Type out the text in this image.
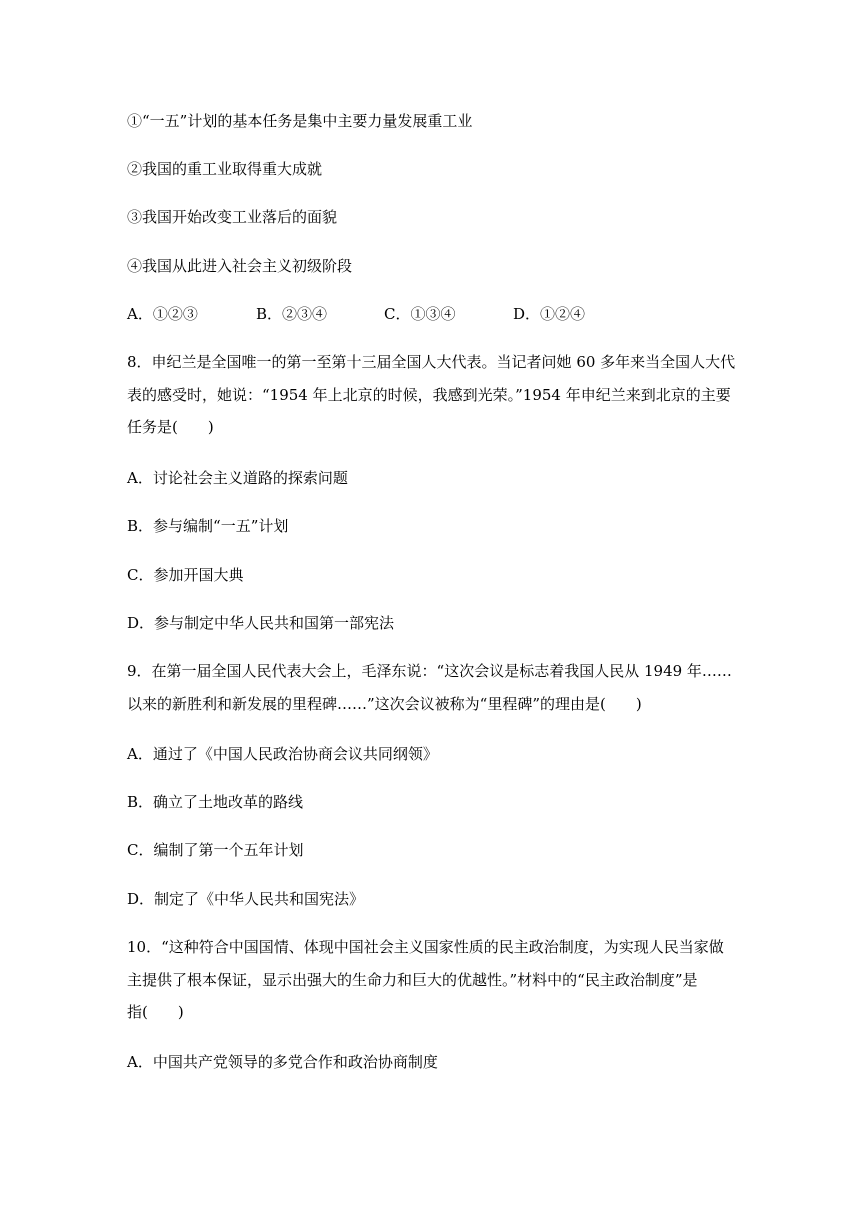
①“一五”计划的基本任务是集中主要力量发展重工业
②我国的重工业取得重大成就
③我国开始改变工业落后的面貌
④我国从此进入社会主义初级阶段
A．①②③	B．②③④	C．①③④	D．①②④
8．申纪兰是全国唯一的第一至第十三届全国人大代表。当记者问她 60 多年来当全国人大代
表的感受时，她说：“1954 年上北京的时候，我感到光荣。”1954 年申纪兰来到北京的主要
任务是(　　)
A．讨论社会主义道路的探索问题
B．参与编制“一五”计划
C．参加开国大典
D．参与制定中华人民共和国第一部宪法
9．在第一届全国人民代表大会上，毛泽东说：“这次会议是标志着我国人民从 1949 年……
以来的新胜利和新发展的里程碑……”这次会议被称为“里程碑”的理由是(　　)
A．通过了《中国人民政治协商会议共同纲领》
B．确立了土地改革的路线
C．编制了第一个五年计划
D．制定了《中华人民共和国宪法》
10．“这种符合中国国情、体现中国社会主义国家性质的民主政治制度，为实现人民当家做
主提供了根本保证，显示出强大的生命力和巨大的优越性。”材料中的“民主政治制度”是
指(　　)
A．中国共产党领导的多党合作和政治协商制度
